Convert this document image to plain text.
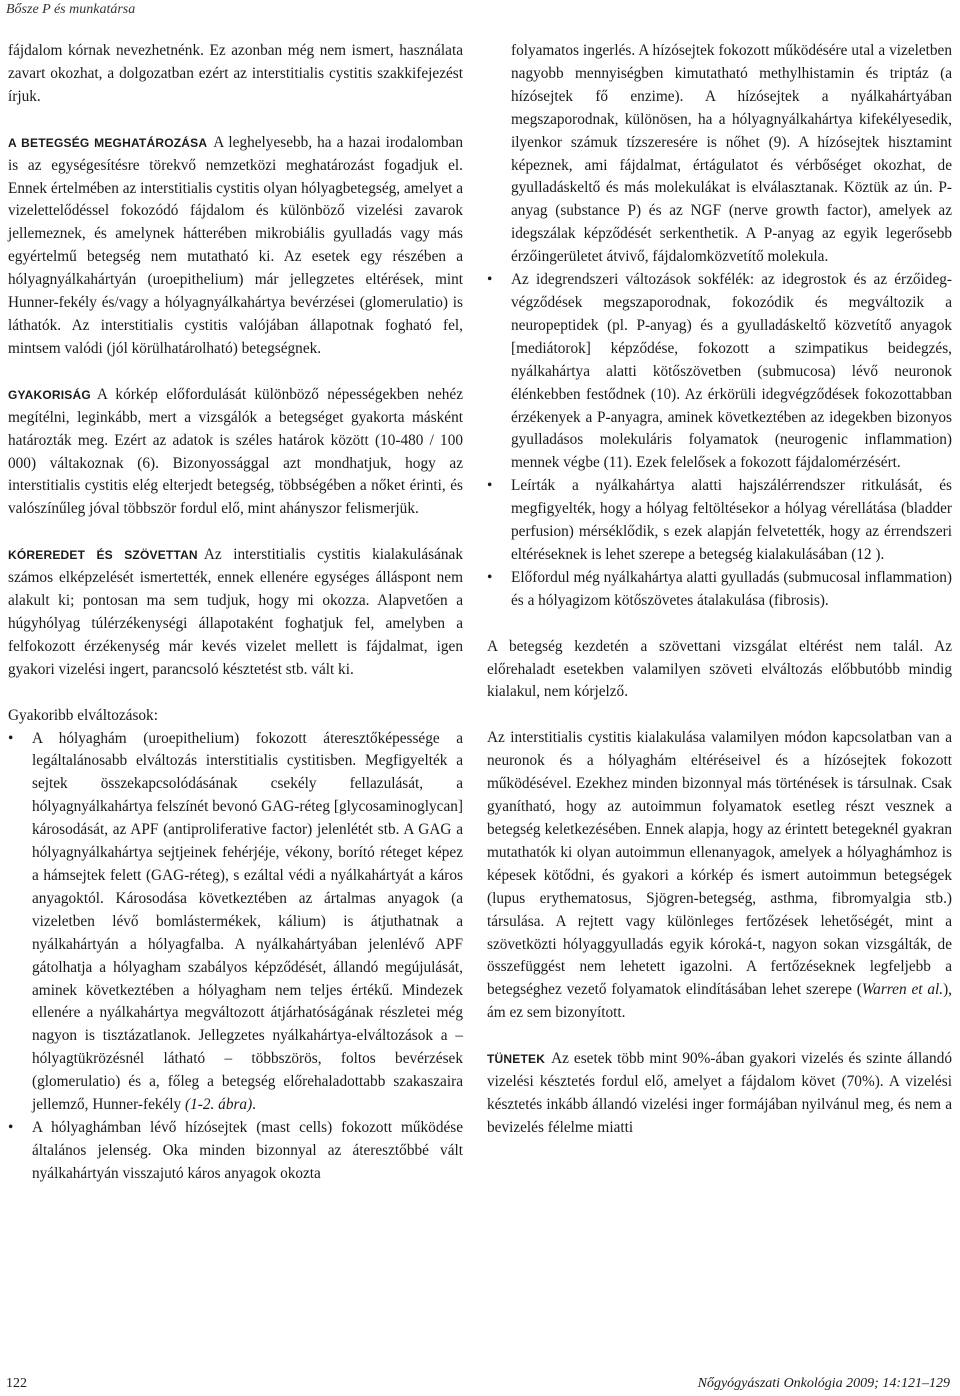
Bősze P és munkatársa

fájdalom kórnak nevezhetnénk. Ez azonban még nem ismert, használata zavart okozhat, a dolgozatban ezért az interstitialis cystitis szakkifejezést írjuk.

A BETEGSÉG MEGHATÁROZÁSA A leghelyesebb, ha a hazai irodalomban is az egységesítésre törekvő nemzetközi meghatározást fogadjuk el. Ennek értelmében az interstitialis cystitis olyan hólyagbetegség, amelyet a vizelettelődéssel fokozódó fájdalom és különböző vizelési zavarok jellemeznek, és amelynek hátterében mikrobiális gyulladás vagy más egyértelmű betegség nem mutatható ki. Az esetek egy részében a hólyagnyálkahártyán (uroepithelium) már jellegzetes eltérések, mint Hunner-fekély és/vagy a hólyagnyálkahártya bevérzései (glomerulatio) is láthatók. Az interstitialis cystitis valójában állapotnak fogható fel, mintsem valódi (jól körülhatárolható) betegségnek.

GYAKORISÁG A kórkép előfordulását különböző népességekben nehéz megítélni, leginkább, mert a vizsgálók a betegséget gyakorta másként határozták meg. Ezért az adatok is széles határok között (10-480 / 100 000) váltakoznak (6). Bizonyossággal azt mondhatjuk, hogy az interstitialis cystitis elég elterjedt betegség, többségében a nőket érinti, és valószínűleg jóval többször fordul elő, mint ahányszor felismerjük.

KÓREREDET ÉS SZÖVETTAN Az interstitialis cystitis kialakulásának számos elképzelését ismertették, ennek ellenére egységes álláspont nem alakult ki; pontosan ma sem tudjuk, hogy mi okozza. Alapvetően a húgyhólyag túlérzékenységi állapotaként foghatjuk fel, amelyben a felfokozott érzékenység már kevés vizelet mellett is fájdalmat, igen gyakori vizelési ingert, parancsoló késztetést stb. vált ki.

Gyakoribb elváltozások:

• A hólyaghám (uroepithelium) fokozott áteresztőképessége a legáltalánosabb elváltozás interstitialis cystitisben. Megfigyelték a sejtek összekapcsolódásának csekély fellazulását, a hólyagnyálkahártya felszínét bevonó GAG-réteg [glycosaminoglycan] károsodását, az APF (antiproliferative factor) jelenlétét stb. A GAG a hólyagnyálkahártya sejtjeinek fehérjéje, vékony, borító réteget képez a hámsejtek felett (GAG-réteg), s ezáltal védi a nyálkahártyát a káros anyagoktól. Károsodása következtében az ártalmas anyagok (a vizeletben lévő bomlástermékek, kálium) is átjuthatnak a nyálkahártyán a hólyagfalba. A nyálkahártyában jelenlévő APF gátolhatja a hólyagham szabályos képződését, állandó megújulását, aminek következtében a hólyagham nem teljes értékű. Mindezek ellenére a nyálkahártya megváltozott átjárhatóságának részletei még nagyon is tisztázatlanok. Jellegzetes nyálkahártya-elváltozások a – hólyagtükrözésnél látható – többszörös, foltos bevérzések (glomerulatio) és a, főleg a betegség előrehaladottabb szakaszaira jellemző, Hunner-fekély (1-2. ábra).
• A hólyaghámban lévő hízósejtek (mast cells) fokozott működése általános jelenség. Oka minden bizonnyal az áteresztőbbé vált nyálkahártyán visszajutó káros anyagok okozta
folyamatos ingerlés. A hízósejtek fokozott működésére utal a vizeletben nagyobb mennyiségben kimutatható methylhistamin és triptáz (a hízósejtek fő enzime). A hízósejtek a nyálkahártyában megszaporodnak, különösen, ha a hólyagnyálkahártya kifekélyesedik, ilyenkor számuk tízszeresére is nőhet (9). A hízósejtek hisztamint képeznek, ami fájdalmat, értágulatot és vérbőséget okozhat, de gyulladáskeltő és más molekulákat is elválasztanak. Köztük az ún. P-anyag (substance P) és az NGF (nerve growth factor), amelyek az idegszálak képződését serkenthetik. A P-anyag az egyik legerősebb érzőingerületet átvivő, fájdalomközvetítő molekula.
• Az idegrendszeri változások sokfélék: az idegrostok és az érzőideg-végződések megszaporodnak, fokozódik és megváltozik a neuropeptidek (pl. P-anyag) és a gyulladáskeltő közvetítő anyagok [mediátorok] képződése, fokozott a szimpatikus beidegzés, nyálkahártya alatti kötőszövetben (submucosa) lévő neuronok élénkebben festődnek (10). Az érkörüli idegvégződések fokozottabban érzékenyek a P-anyagra, aminek következtében az idegekben bizonyos gyulladásos molekuláris folyamatok (neurogenic inflammation) mennek végbe (11). Ezek felelősek a fokozott fájdalomérzésért.
• Leírták a nyálkahártya alatti hajszálérrendszer ritkulását, és megfigyelték, hogy a hólyag feltöltésekor a hólyag vérellátása (bladder perfusion) mérséklődik, s ezek alapján felvetették, hogy az érrendszeri eltéréseknek is lehet szerepe a betegség kialakulásában (12 ).
• Előfordul még nyálkahártya alatti gyulladás (submucosal inflammation) és a hólyagizom kötőszövetes átalakulása (fibrosis).

A betegség kezdetén a szövettani vizsgálat eltérést nem talál. Az előrehaladt esetekben valamilyen szöveti elváltozás előbbutóbb mindig kialakul, nem kórjelző.

Az interstitialis cystitis kialakulása valamilyen módon kapcsolatban van a neuronok és a hólyaghám eltéréseivel és a hízósejtek fokozott működésével. Ezekhez minden bizonnyal más történések is társulnak. Csak gyanítható, hogy az autoimmun folyamatok esetleg részt vesznek a betegség keletkezésében. Ennek alapja, hogy az érintett betegeknél gyakran mutathatók ki olyan autoimmun ellenanyagok, amelyek a hólyaghámhoz is képesek kötődni, és gyakori a kórkép és ismert autoimmun betegségek (lupus erythematosus, Sjögren-betegség, asthma, fibromyalgia stb.) társulása. A rejtett vagy különleges fertőzések lehetőségét, mint a szövetközti hólyaggyulladás egyik kóroká-t, nagyon sokan vizsgálták, de összefüggést nem lehetett igazolni. A fertőzéseknek legfeljebb a betegséghez vezető folyamatok elindításában lehet szerepe (Warren et al.), ám ez sem bizonyított.

TÜNETEK Az esetek több mint 90%-ában gyakori vizelés és szinte állandó vizelési késztetés fordul elő, amelyet a fájdalom követ (70%). A vizelési késztetés inkább állandó vizelési inger formájában nyilvánul meg, és nem a bevizelés félelme miatti

122	Nőgyógyászati Onkológia 2009; 14:121–129
